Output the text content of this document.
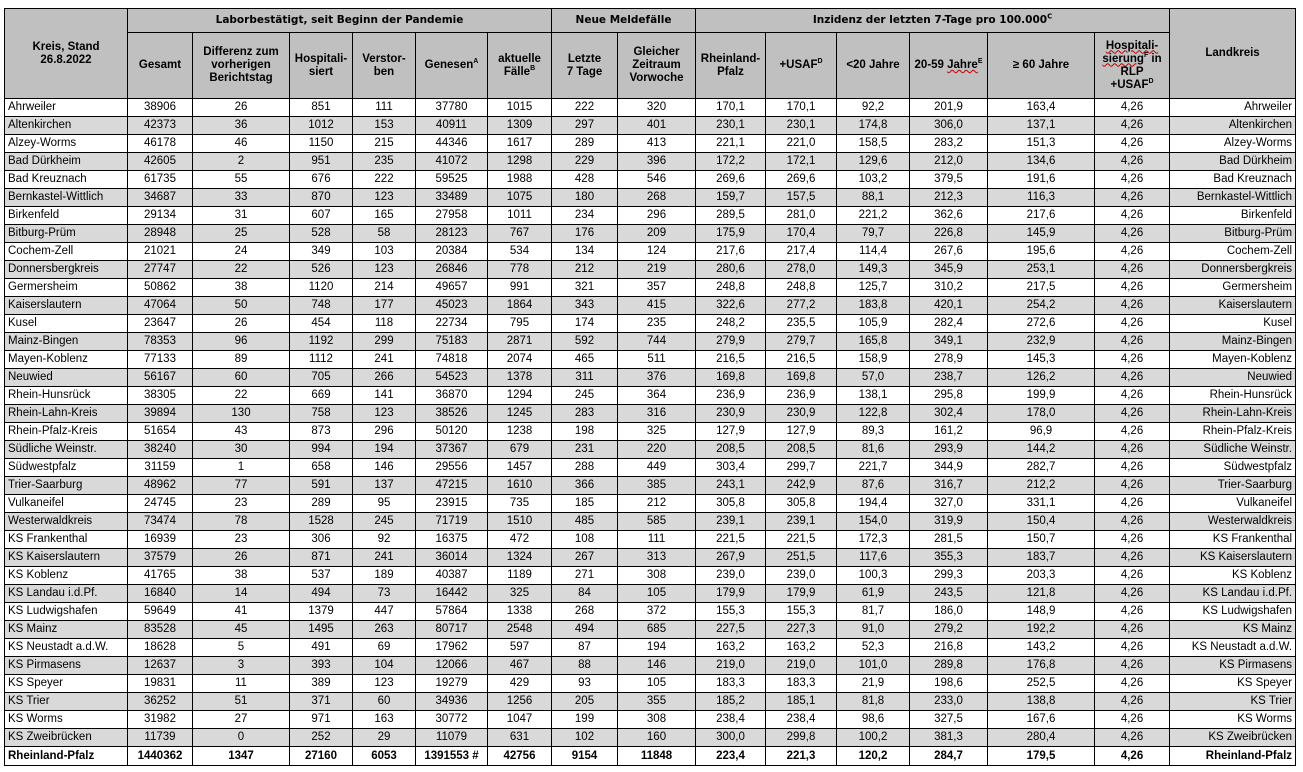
Kreis, Stand
26.8.2022	Laborbestätigt, seit Beginn der Pandemie						Neue Meldefälle		Inzidenz der letzten 7-Tage pro $100.000^C$						Landkreis
	Gesamt	Differenz zum
vorherigen
Berichtstag	Hospitali-
siert	Verstor-
ben	Genesen$^A$	aktuelle
Fälle$^B$	Letzte
7 Tage	Gleicher
Zeitraum
Vorwoche	Rheinland-
Pfalz	$+USAF^D$	<20 Jahre	20-59 Jahre$^E$	≥ 60 Jahre	Hospitali-
sierung$^F$ in RLP
$+USAF^D$
Ahrweiler	38906	26	851	111	37780	1015	222	320	170,1	170,1	92,2	201,9	163,4	4,26	Ahrweiler
Altenkirchen	42373	36	1012	153	40911	1309	297	401	230,1	230,1	174,8	306,0	137,1	4,26	Altenkirchen
Alzey-Worms	46178	46	1150	215	44346	1617	289	413	221,1	221,0	158,5	283,2	151,3	4,26	Alzey-Worms
Bad Dürkheim	42605	2	951	235	41072	1298	229	396	172,2	172,1	129,6	212,0	134,6	4,26	Bad Dürkheim
Bad Kreuznach	61735	55	676	222	59525	1988	428	546	269,6	269,6	103,2	379,5	191,6	4,26	Bad Kreuznach
Bernkastel-Wittlich	34687	33	870	123	33489	1075	180	268	159,7	157,5	88,1	212,3	116,3	4,26	Bernkastel-Wittlich
Birkenfeld	29134	31	607	165	27958	1011	234	296	289,5	281,0	221,2	362,6	217,6	4,26	Birkenfeld
Bitburg-Prüm	28948	25	528	58	28123	767	176	209	175,9	170,4	79,7	226,8	145,9	4,26	Bitburg-Prüm
Cochem-Zell	21021	24	349	103	20384	534	134	124	217,6	217,4	114,4	267,6	195,6	4,26	Cochem-Zell
Donnersbergkreis	27747	22	526	123	26846	778	212	219	280,6	278,0	149,3	345,9	253,1	4,26	Donnersbergkreis
Germersheim	50862	38	1120	214	49657	991	321	357	248,8	248,8	125,7	310,2	217,5	4,26	Germersheim
Kaiserslautern	47064	50	748	177	45023	1864	343	415	322,6	277,2	183,8	420,1	254,2	4,26	Kaiserslautern
Kusel	23647	26	454	118	22734	795	174	235	248,2	235,5	105,9	282,4	272,6	4,26	Kusel
Mainz-Bingen	78353	96	1192	299	75183	2871	592	744	279,9	279,7	165,8	349,1	232,9	4,26	Mainz-Bingen
Mayen-Koblenz	77133	89	1112	241	74818	2074	465	511	216,5	216,5	158,9	278,9	145,3	4,26	Mayen-Koblenz
Neuwied	56167	60	705	266	54523	1378	311	376	169,8	169,8	57,0	238,7	126,2	4,26	Neuwied
Rhein-Hunsrück	38305	22	669	141	36870	1294	245	364	236,9	236,9	138,1	295,8	199,9	4,26	Rhein-Hunsrück
Rhein-Lahn-Kreis	39894	130	758	123	38526	1245	283	316	230,9	230,9	122,8	302,4	178,0	4,26	Rhein-Lahn-Kreis
Rhein-Pfalz-Kreis	51654	43	873	296	50120	1238	198	325	127,9	127,9	89,3	161,2	96,9	4,26	Rhein-Pfalz-Kreis
Südliche Weinstr.	38240	30	994	194	37367	679	231	220	208,5	208,5	81,6	293,9	144,2	4,26	Südliche Weinstr.
Südwestpfalz	31159	1	658	146	29556	1457	288	449	303,4	299,7	221,7	344,9	282,7	4,26	Südwestpfalz
Trier-Saarburg	48962	77	591	137	47215	1610	366	385	243,1	242,9	87,6	316,7	212,2	4,26	Trier-Saarburg
Vulkaneifel	24745	23	289	95	23915	735	185	212	305,8	305,8	194,4	327,0	331,1	4,26	Vulkaneifel
Westerwaldkreis	73474	78	1528	245	71719	1510	485	585	239,1	239,1	154,0	319,9	150,4	4,26	Westerwaldkreis
KS Frankenthal	16939	23	306	92	16375	472	108	111	221,5	221,5	172,3	281,5	150,7	4,26	KS Frankenthal
KS Kaiserslautern	37579	26	871	241	36014	1324	267	313	267,9	251,5	117,6	355,3	183,7	4,26	KS Kaiserslautern
KS Koblenz	41765	38	537	189	40387	1189	271	308	239,0	239,0	100,3	299,3	203,3	4,26	KS Koblenz
KS Landau i.d.Pf.	16840	14	494	73	16442	325	84	105	179,9	179,9	61,9	243,5	121,8	4,26	KS Landau i.d.Pf.
KS Ludwigshafen	59649	41	1379	447	57864	1338	268	372	155,3	155,3	81,7	186,0	148,9	4,26	KS Ludwigshafen
KS Mainz	83528	45	1495	263	80717	2548	494	685	227,5	227,3	91,0	279,2	192,2	4,26	KS Mainz
KS Neustadt a.d.W.	18628	5	491	69	17962	597	87	194	163,2	163,2	52,3	216,8	143,2	4,26	KS Neustadt a.d.W.
KS Pirmasens	12637	3	393	104	12066	467	88	146	219,0	219,0	101,0	289,8	176,8	4,26	KS Pirmasens
KS Speyer	19831	11	389	123	19279	429	93	105	183,3	183,3	21,9	198,6	252,5	4,26	KS Speyer
KS Trier	36252	51	371	60	34936	1256	205	355	185,2	185,1	81,8	233,0	138,8	4,26	KS Trier
KS Worms	31982	27	971	163	30772	1047	199	308	238,4	238,4	98,6	327,5	167,6	4,26	KS Worms
KS Zweibrücken	11739	0	252	29	11079	631	102	160	300,0	299,8	100,2	381,3	280,4	4,26	KS Zweibrücken
Rheinland-Pfalz	1440362	1347	27160	6053	1391553 #	42756	9154	11848	223,4	221,3	120,2	284,7	179,5	4,26	Rheinland-Pfalz
